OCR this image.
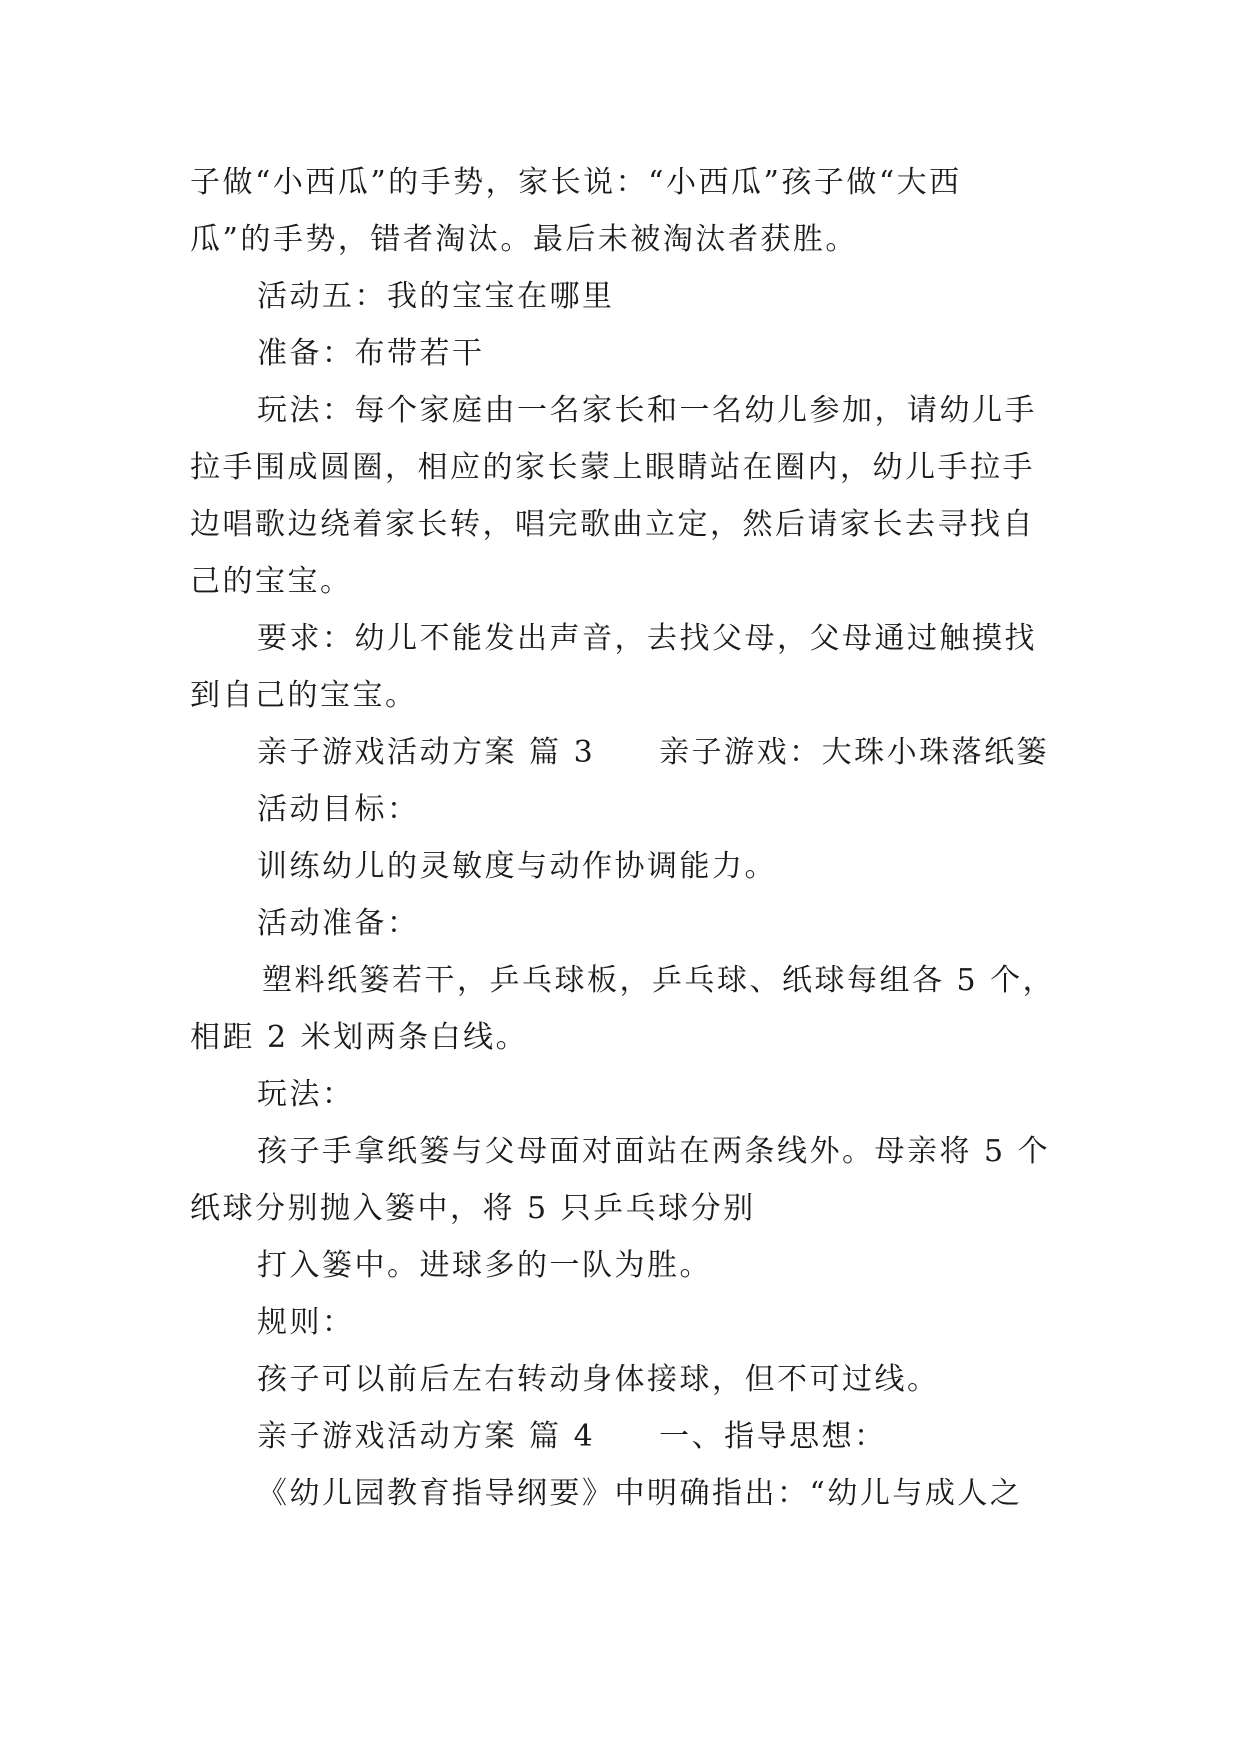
子做“小西瓜”的手势，家长说：“小西瓜”孩子做“大西
瓜”的手势，错者淘汰。最后未被淘汰者获胜。
活动五：我的宝宝在哪里
准备：布带若干
玩法：每个家庭由一名家长和一名幼儿参加，请幼儿手
拉手围成圆圈，相应的家长蒙上眼睛站在圈内，幼儿手拉手
边唱歌边绕着家长转，唱完歌曲立定，然后请家长去寻找自
己的宝宝。
要求：幼儿不能发出声音，去找父母，父母通过触摸找
到自己的宝宝。
亲子游戏活动方案 篇 3 亲子游戏：大珠小珠落纸篓
活动目标：
训练幼儿的灵敏度与动作协调能力。
活动准备：
塑料纸篓若干，乒乓球板，乒乓球、纸球每组各 5 个，
相距 2 米划两条白线。
玩法：
孩子手拿纸篓与父母面对面站在两条线外。母亲将 5 个
纸球分别抛入篓中，将 5 只乒乓球分别
打入篓中。进球多的一队为胜。
规则：
孩子可以前后左右转动身体接球，但不可过线。
亲子游戏活动方案 篇 4 一、指导思想：
《幼儿园教育指导纲要》中明确指出：“幼儿与成人之
